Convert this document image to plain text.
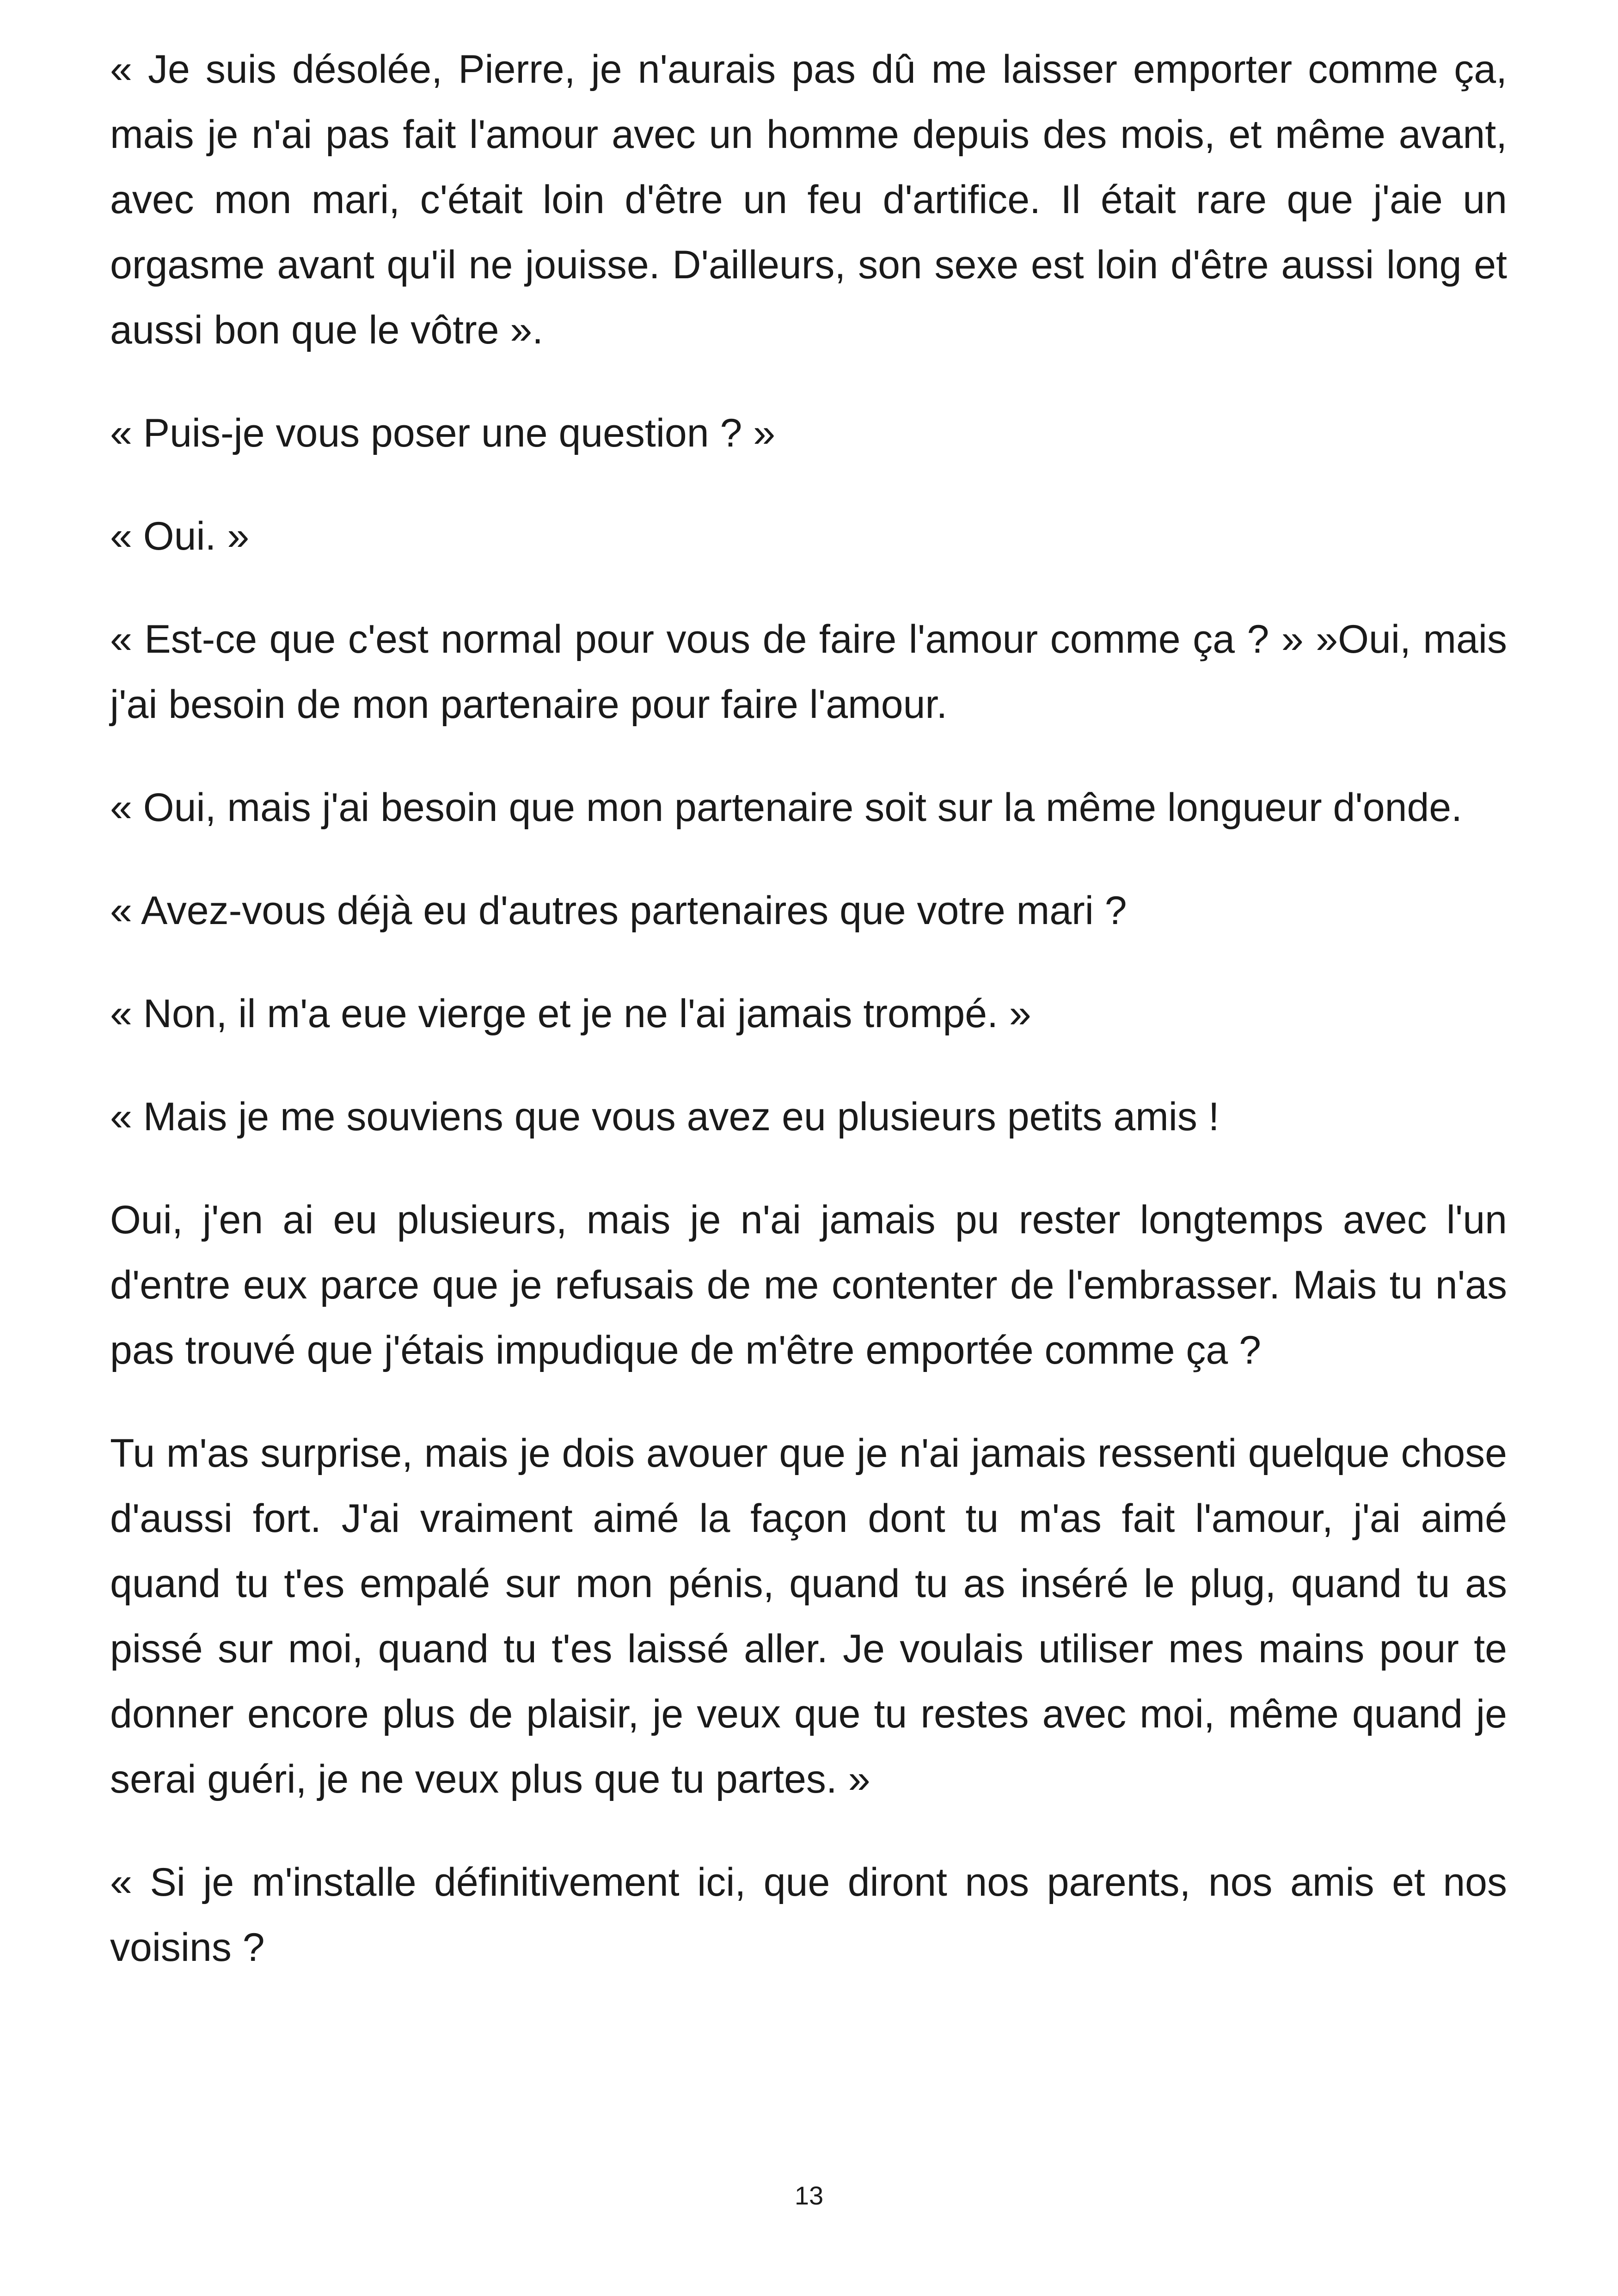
« Je suis désolée, Pierre, je n'aurais pas dû me laisser emporter comme ça, mais je n'ai pas fait l'amour avec un homme depuis des mois, et même avant, avec mon mari, c'était loin d'être un feu d'artifice. Il était rare que j'aie un orgasme avant qu'il ne jouisse. D'ailleurs, son sexe est loin d'être aussi long et aussi bon que le vôtre ».

« Puis-je vous poser une question ? »

« Oui. »

« Est-ce que c'est normal pour vous de faire l'amour comme ça ? » »Oui, mais j'ai besoin de mon partenaire pour faire l'amour.

« Oui, mais j'ai besoin que mon partenaire soit sur la même longueur d'onde.

« Avez-vous déjà eu d'autres partenaires que votre mari ?

« Non, il m'a eue vierge et je ne l'ai jamais trompé. »

« Mais je me souviens que vous avez eu plusieurs petits amis !

Oui, j'en ai eu plusieurs, mais je n'ai jamais pu rester longtemps avec l'un d'entre eux parce que je refusais de me contenter de l'embrasser. Mais tu n'as pas trouvé que j'étais impudique de m'être emportée comme ça ?

Tu m'as surprise, mais je dois avouer que je n'ai jamais ressenti quelque chose d'aussi fort. J'ai vraiment aimé la façon dont tu m'as fait l'amour, j'ai aimé quand tu t'es empalé sur mon pénis, quand tu as inséré le plug, quand tu as pissé sur moi, quand tu t'es laissé aller. Je voulais utiliser mes mains pour te donner encore plus de plaisir, je veux que tu restes avec moi, même quand je serai guéri, je ne veux plus que tu partes. »

« Si je m'installe définitivement ici, que diront nos parents, nos amis et nos voisins ?

13
